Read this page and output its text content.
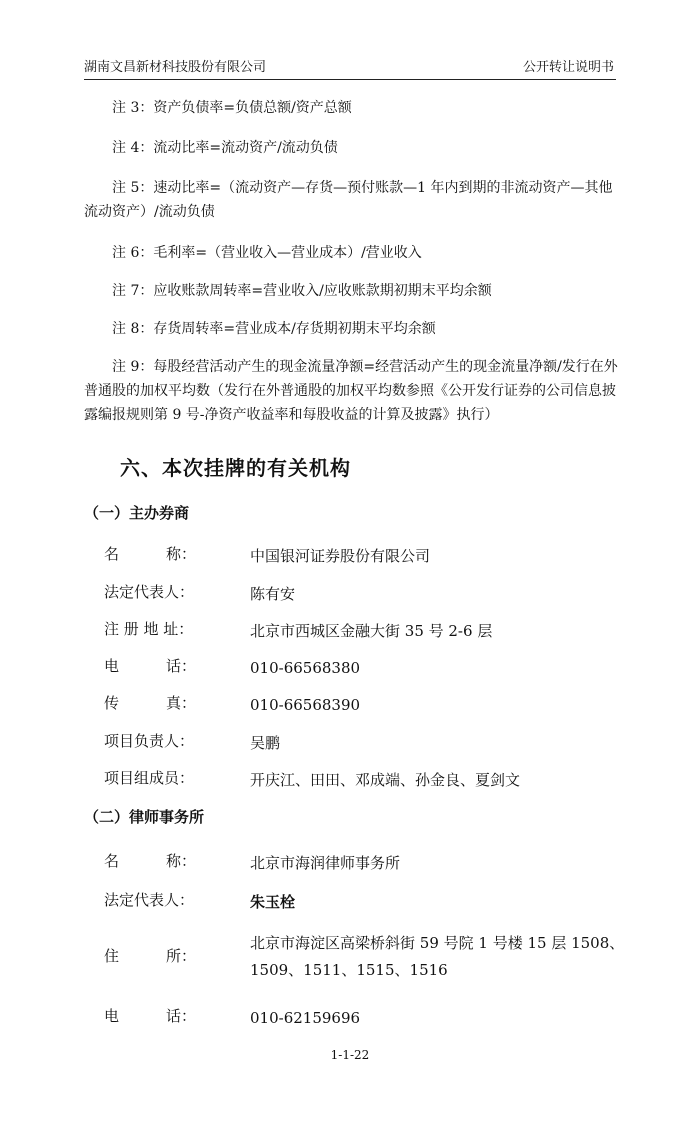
湖南文昌新材科技股份有限公司	公开转让说明书

注 3：资产负债率=负债总额/资产总额

注 4：流动比率=流动资产/流动负债

注 5：速动比率=（流动资产—存货—预付账款—1 年内到期的非流动资产—其他流动资产）/流动负债

注 6：毛利率=（营业收入—营业成本）/营业收入

注 7：应收账款周转率=营业收入/应收账款期初期末平均余额

注 8：存货周转率=营业成本/存货期初期末平均余额

注 9：每股经营活动产生的现金流量净额=经营活动产生的现金流量净额/发行在外普通股的加权平均数（发行在外普通股的加权平均数参照《公开发行证券的公司信息披露编报规则第 9 号-净资产收益率和每股收益的计算及披露》执行）

六、本次挂牌的有关机构
（一）主办券商
名	称：	中国银河证券股份有限公司
法定代表人：	陈有安
注 册 地 址：	北京市西城区金融大街 35 号 2-6 层
电	话：	010-66568380
传	真：	010-66568390
项目负责人：	吴鹏
项目组成员：	开庆江、田田、邓成端、孙金良、夏剑文
（二）律师事务所
名	称：	北京市海润律师事务所
法定代表人：	朱玉栓
住	所：
北京市海淀区高梁桥斜街 59 号院 1 号楼 15 层 1508、1509、1511、1515、1516
电	话：	010-62159696
1-1-22
